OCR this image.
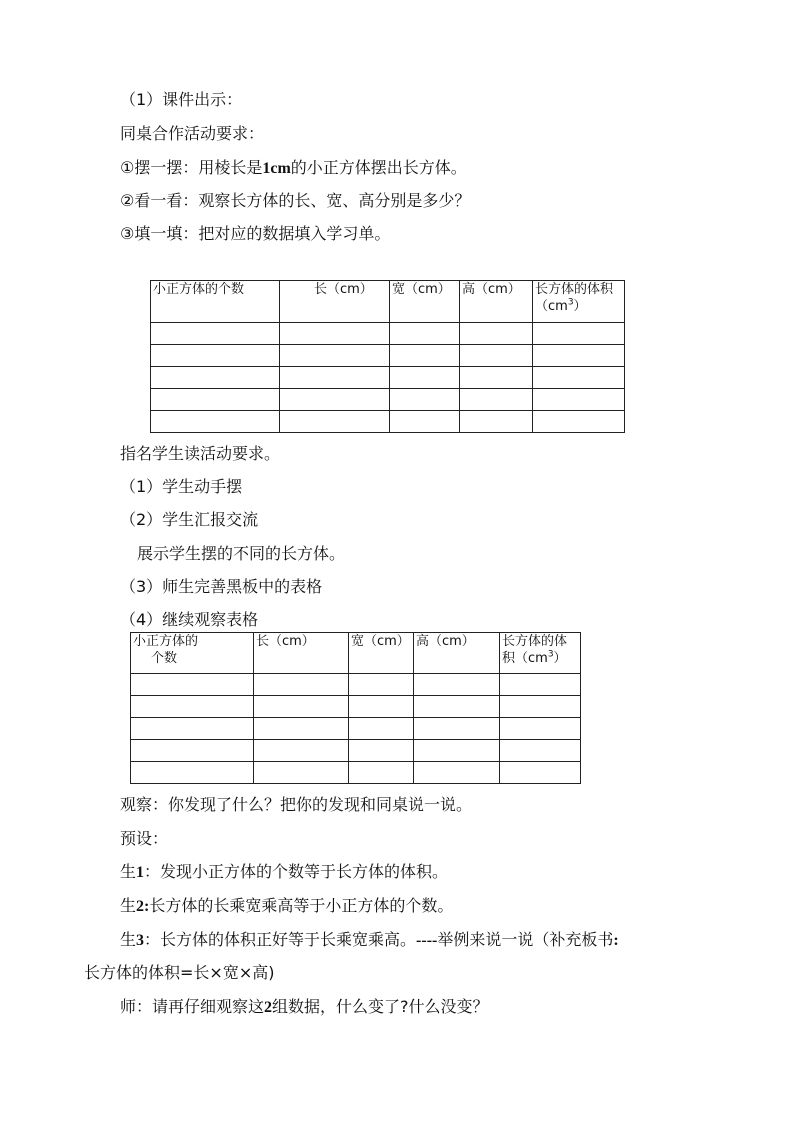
（1）课件出示：
同桌合作活动要求：
①摆一摆：用棱长是1cm的小正方体摆出长方体。
②看一看：观察长方体的长、宽、高分别是多少？
③填一填：把对应的数据填入学习单。
小正方体的个数	长（cm）	宽（cm）	高（cm）	长方体的体积$(cm^3)$

指名学生读活动要求。
（1）学生动手摆
（2）学生汇报交流
展示学生摆的不同的长方体。
（3）师生完善黑板中的表格
（4）继续观察表格
小正方体的
个数	长（cm）	宽（cm）	高（cm）	长方体的体积$(cm^3)$

观察：你发现了什么？把你的发现和同桌说一说。
预设：
生1：发现小正方体的个数等于长方体的体积。
生2:长方体的长乘宽乘高等于小正方体的个数。
生3：长方体的体积正好等于长乘宽乘高。----举例来说一说（补充板书:
长方体的体积=长×宽×高)
师：请再仔细观察这2组数据，什么变了?什么没变？
